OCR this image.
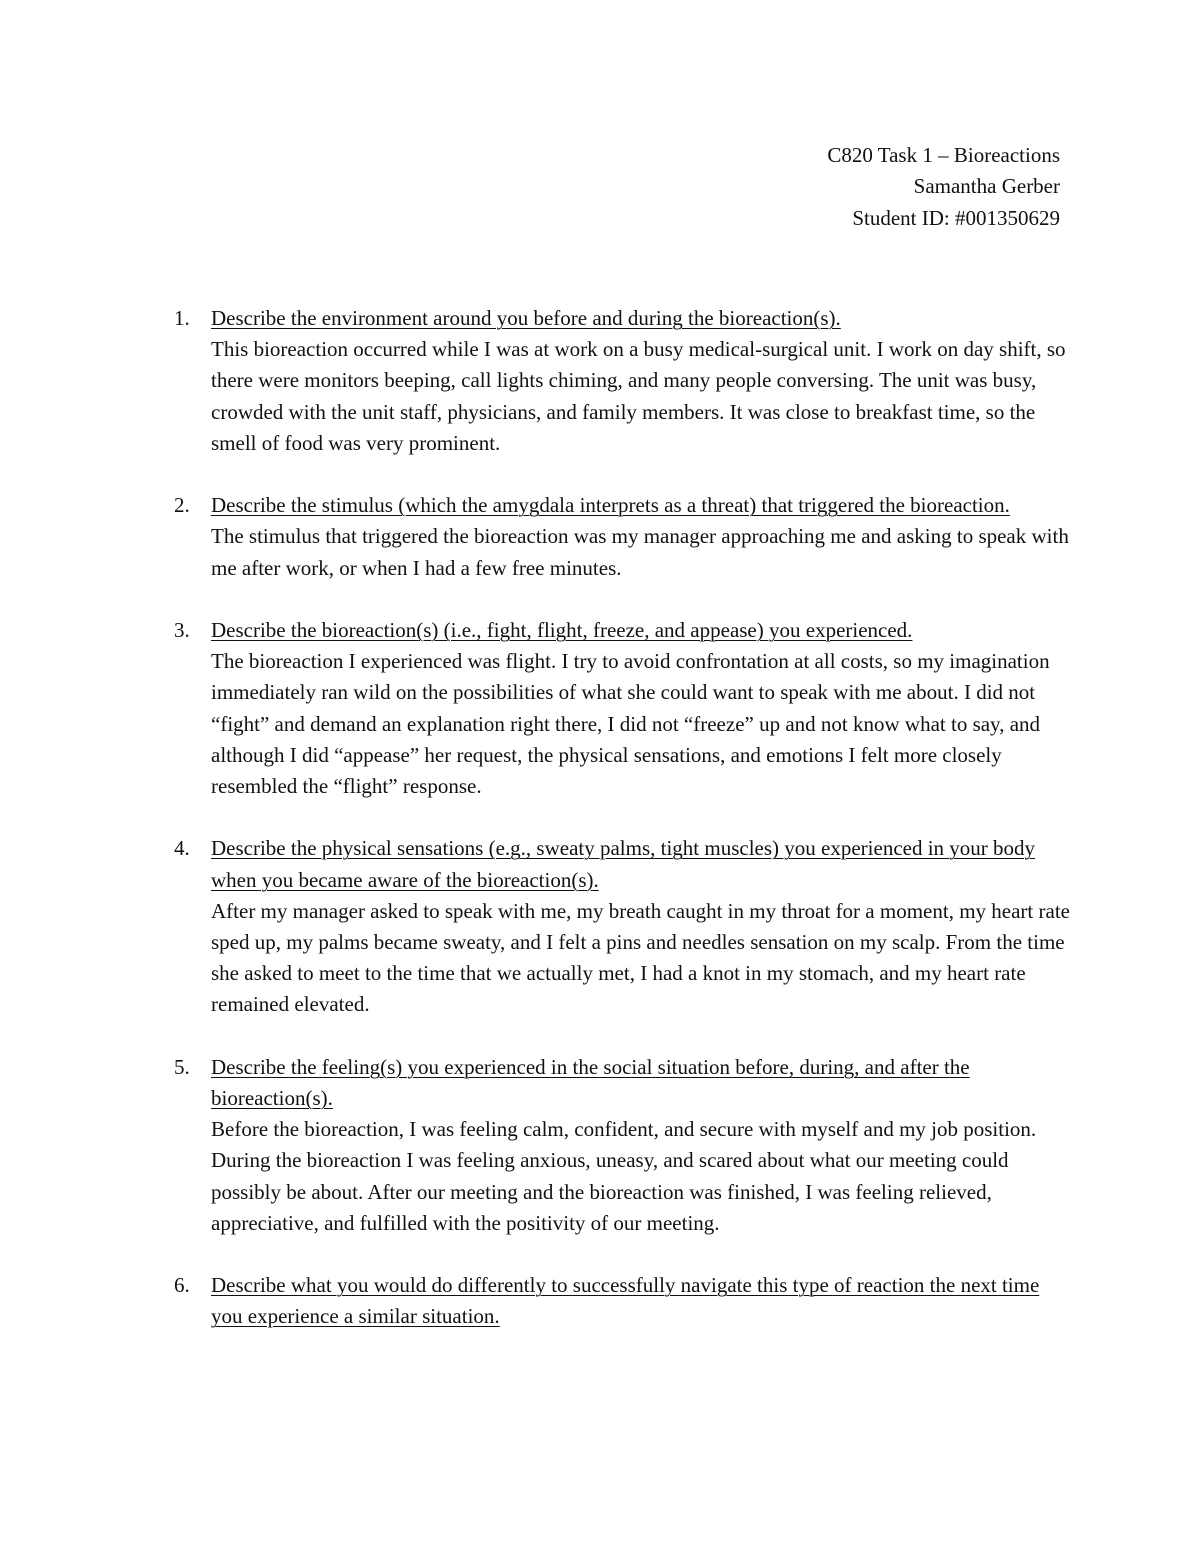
C820 Task 1 – Bioreactions
Samantha Gerber
Student ID: #001350629
1. Describe the environment around you before and during the bioreaction(s).
This bioreaction occurred while I was at work on a busy medical-surgical unit. I work on day shift, so there were monitors beeping, call lights chiming, and many people conversing. The unit was busy, crowded with the unit staff, physicians, and family members. It was close to breakfast time, so the smell of food was very prominent.
2. Describe the stimulus (which the amygdala interprets as a threat) that triggered the bioreaction.
The stimulus that triggered the bioreaction was my manager approaching me and asking to speak with me after work, or when I had a few free minutes.
3. Describe the bioreaction(s) (i.e., fight, flight, freeze, and appease) you experienced.
The bioreaction I experienced was flight. I try to avoid confrontation at all costs, so my imagination immediately ran wild on the possibilities of what she could want to speak with me about. I did not “fight” and demand an explanation right there, I did not “freeze” up and not know what to say, and although I did “appease” her request, the physical sensations, and emotions I felt more closely resembled the “flight” response.
4. Describe the physical sensations (e.g., sweaty palms, tight muscles) you experienced in your body when you became aware of the bioreaction(s).
After my manager asked to speak with me, my breath caught in my throat for a moment, my heart rate sped up, my palms became sweaty, and I felt a pins and needles sensation on my scalp. From the time she asked to meet to the time that we actually met, I had a knot in my stomach, and my heart rate remained elevated.
5. Describe the feeling(s) you experienced in the social situation before, during, and after the bioreaction(s).
Before the bioreaction, I was feeling calm, confident, and secure with myself and my job position. During the bioreaction I was feeling anxious, uneasy, and scared about what our meeting could possibly be about. After our meeting and the bioreaction was finished, I was feeling relieved, appreciative, and fulfilled with the positivity of our meeting.
6. Describe what you would do differently to successfully navigate this type of reaction the next time you experience a similar situation.
